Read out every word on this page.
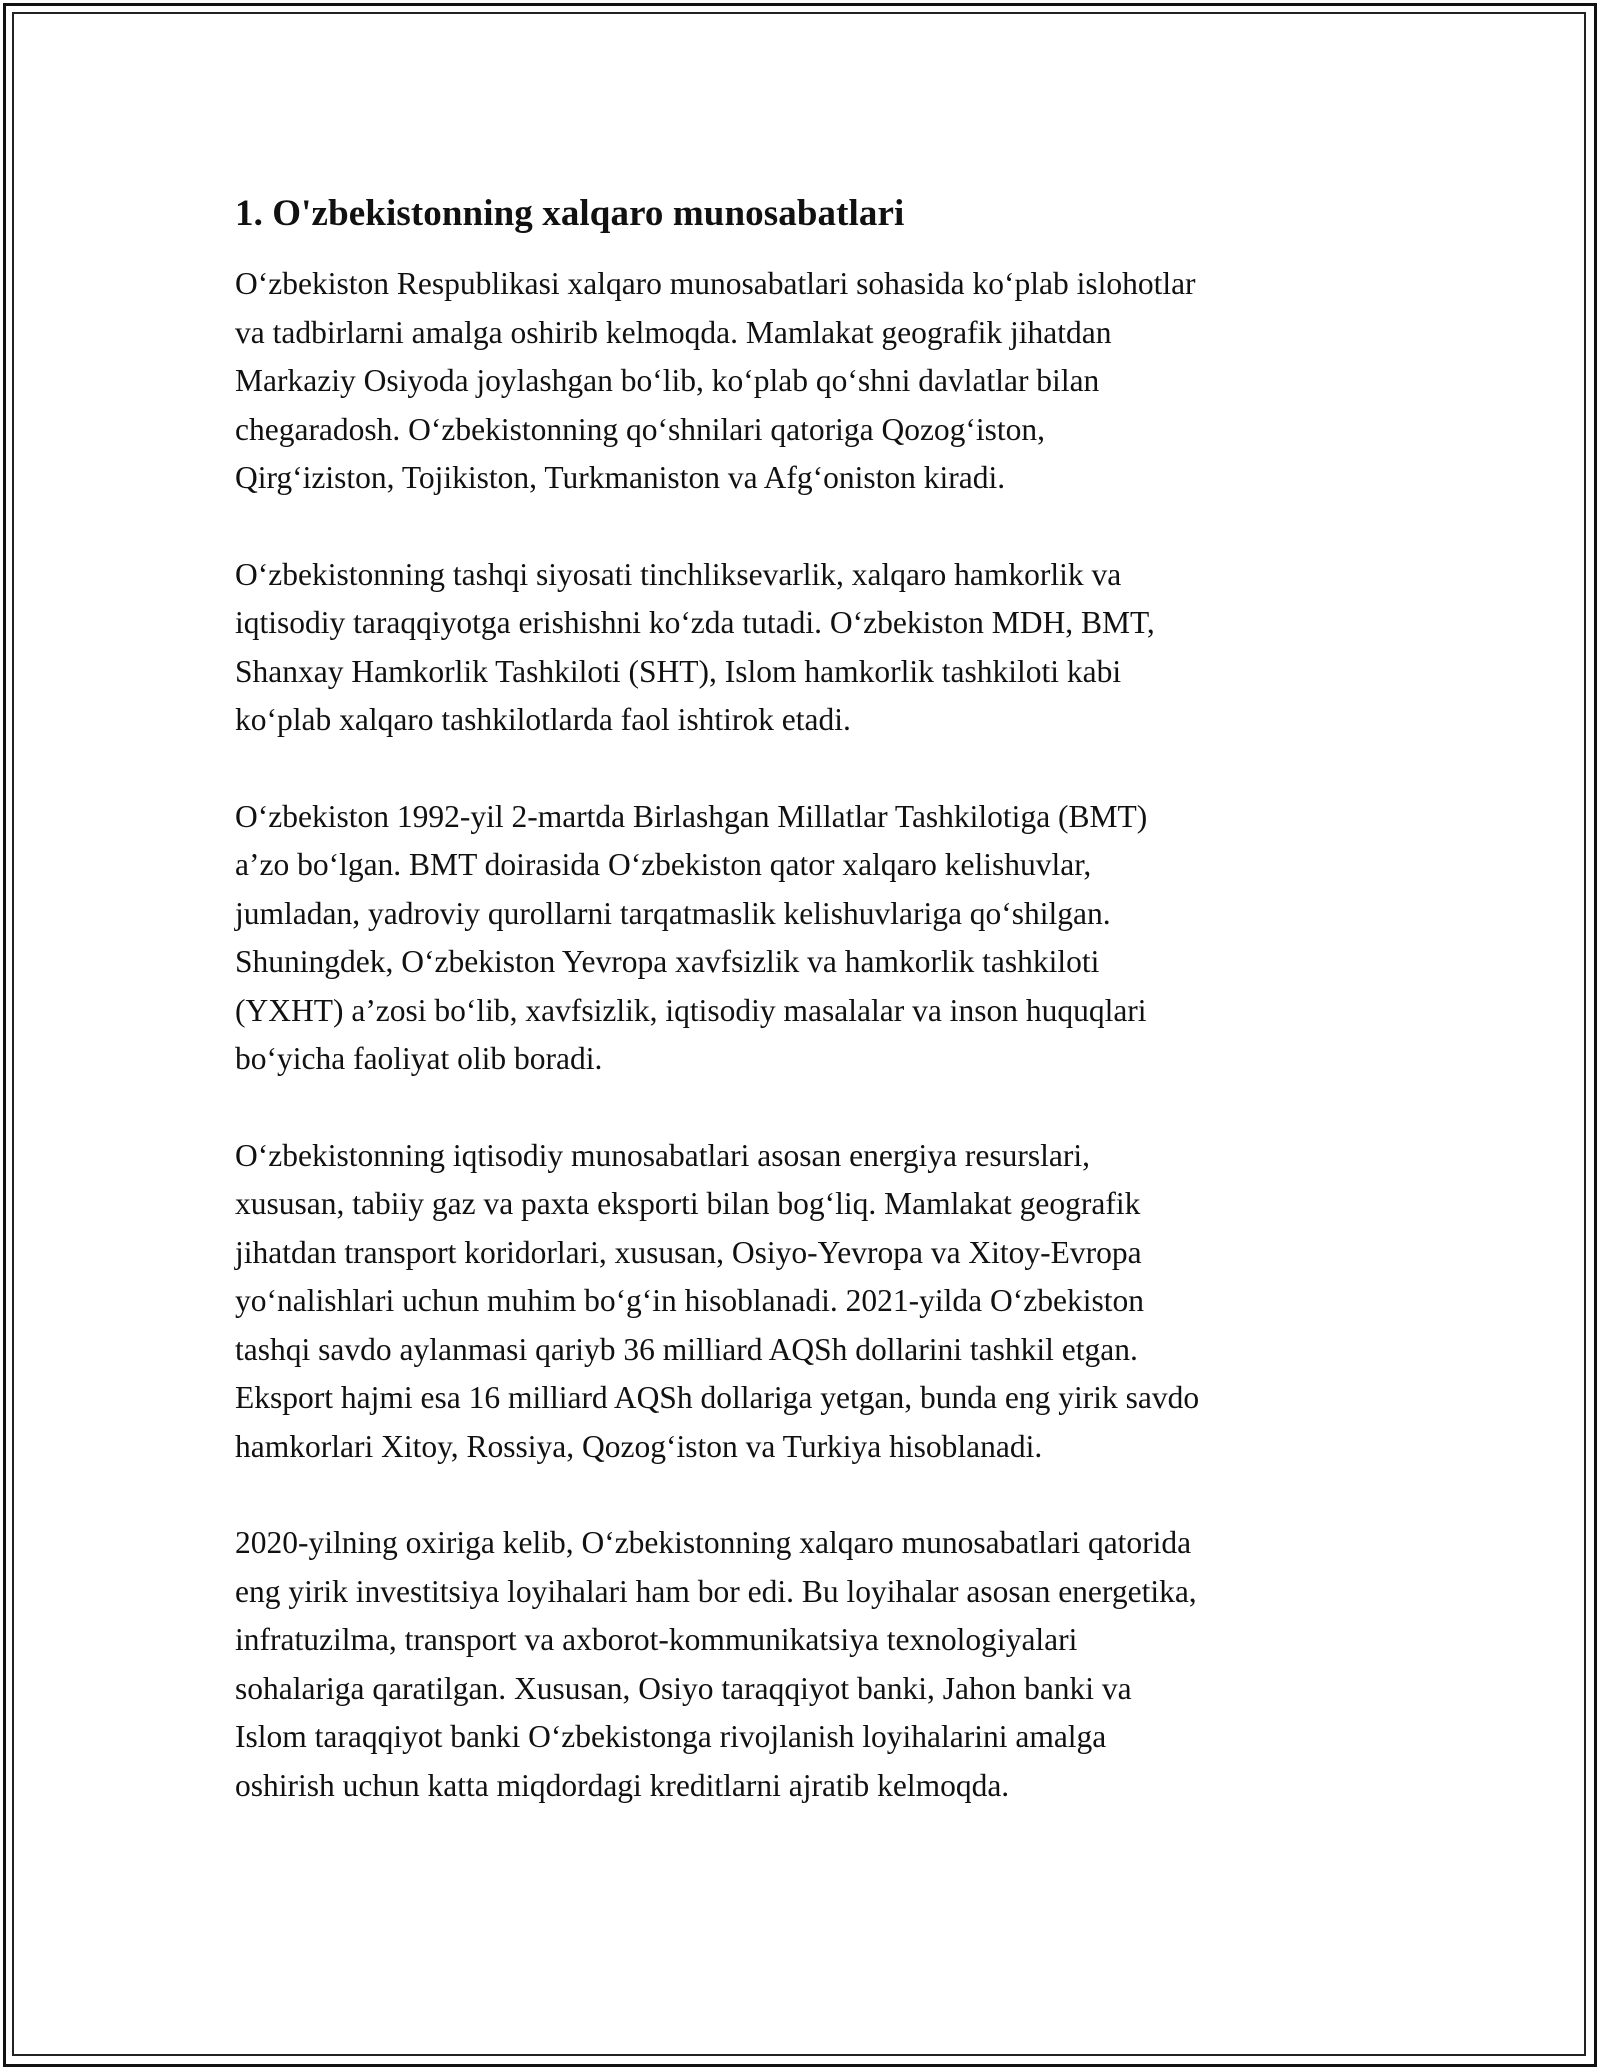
1. O'zbekistonning xalqaro munosabatlari

O‘zbekiston Respublikasi xalqaro munosabatlari sohasida ko‘plab islohotlar
va tadbirlarni amalga oshirib kelmoqda. Mamlakat geografik jihatdan
Markaziy Osiyoda joylashgan bo‘lib, ko‘plab qo‘shni davlatlar bilan
chegaradosh. O‘zbekistonning qo‘shnilari qatoriga Qozog‘iston,
Qirg‘iziston, Tojikiston, Turkmaniston va Afg‘oniston kiradi.

O‘zbekistonning tashqi siyosati tinchliksevarlik, xalqaro hamkorlik va
iqtisodiy taraqqiyotga erishishni ko‘zda tutadi. O‘zbekiston MDH, BMT,
Shanxay Hamkorlik Tashkiloti (SHT), Islom hamkorlik tashkiloti kabi
ko‘plab xalqaro tashkilotlarda faol ishtirok etadi.

O‘zbekiston 1992-yil 2-martda Birlashgan Millatlar Tashkilotiga (BMT)
a’zo bo‘lgan. BMT doirasida O‘zbekiston qator xalqaro kelishuvlar,
jumladan, yadroviy qurollarni tarqatmaslik kelishuvlariga qo‘shilgan.
Shuningdek, O‘zbekiston Yevropa xavfsizlik va hamkorlik tashkiloti
(YXHT) a’zosi bo‘lib, xavfsizlik, iqtisodiy masalalar va inson huquqlari
bo‘yicha faoliyat olib boradi.

O‘zbekistonning iqtisodiy munosabatlari asosan energiya resurslari,
xususan, tabiiy gaz va paxta eksporti bilan bog‘liq. Mamlakat geografik
jihatdan transport koridorlari, xususan, Osiyo-Yevropa va Xitoy-Evropa
yo‘nalishlari uchun muhim bo‘g‘in hisoblanadi. 2021-yilda O‘zbekiston
tashqi savdo aylanmasi qariyb 36 milliard AQSh dollarini tashkil etgan.
Eksport hajmi esa 16 milliard AQSh dollariga yetgan, bunda eng yirik savdo
hamkorlari Xitoy, Rossiya, Qozog‘iston va Turkiya hisoblanadi.

2020-yilning oxiriga kelib, O‘zbekistonning xalqaro munosabatlari qatorida
eng yirik investitsiya loyihalari ham bor edi. Bu loyihalar asosan energetika,
infratuzilma, transport va axborot-kommunikatsiya texnologiyalari
sohalariga qaratilgan. Xususan, Osiyo taraqqiyot banki, Jahon banki va
Islom taraqqiyot banki O‘zbekistonga rivojlanish loyihalarini amalga
oshirish uchun katta miqdordagi kreditlarni ajratib kelmoqda.
